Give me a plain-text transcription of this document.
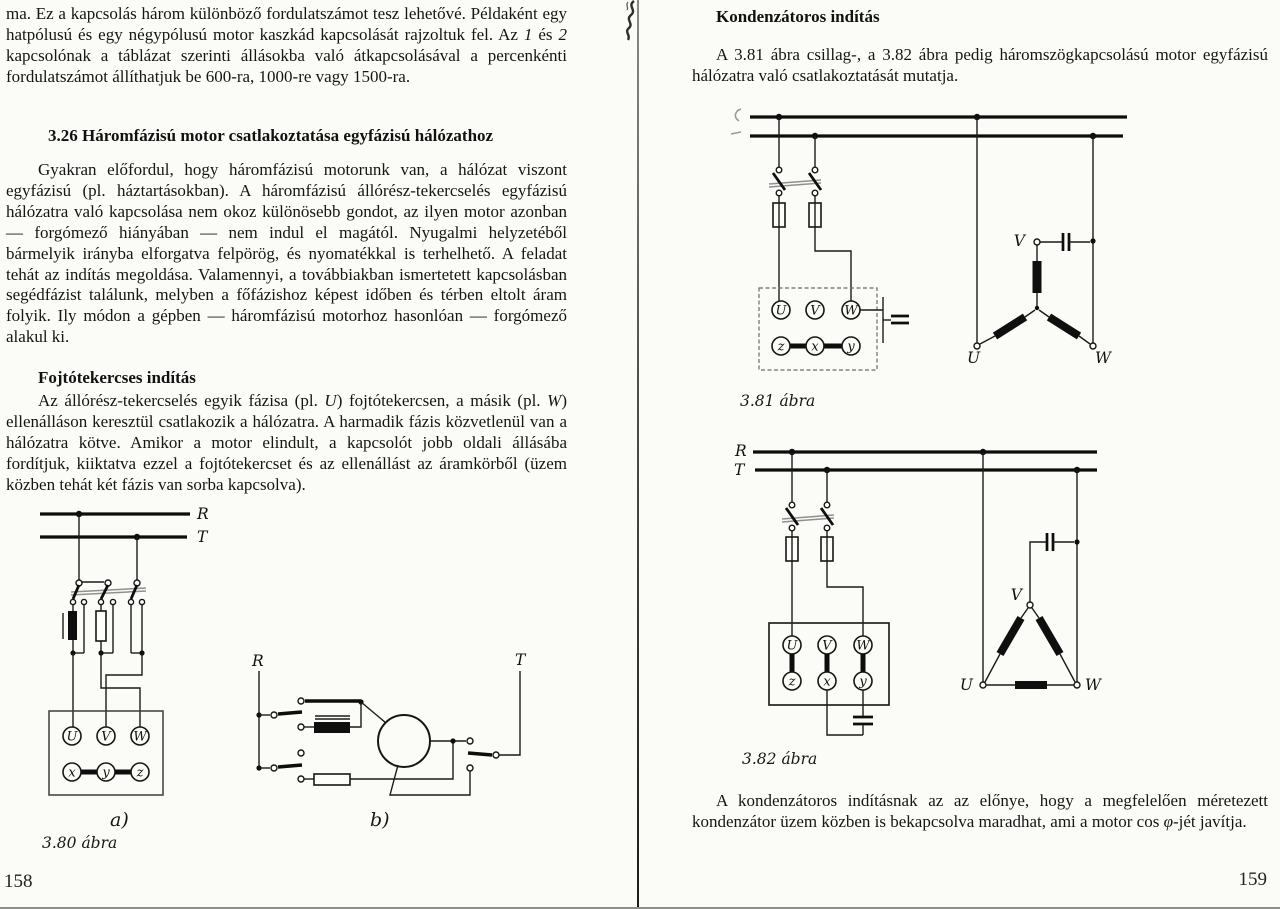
ma. Ez a kapcsolás három különböző fordulatszámot tesz lehetővé. Példaként egy hatpólusú és egy négypólusú motor kaszkád kapcsolását rajzoltuk fel. Az 1 és 2 kapcsolónak a táblázat szerinti állásokba való átkapcsolásával a percenkénti fordulatszámot állíthatjuk be 600-ra, 1000-re vagy 1500-ra.

3.26 Háromfázisú motor csatlakoztatása egyfázisú hálózathoz

Gyakran előfordul, hogy háromfázisú motorunk van, a hálózat viszont egyfázisú (pl. háztartásokban). A háromfázisú állórész-tekercselés egyfázisú hálózatra való kapcsolása nem okoz különösebb gondot, az ilyen motor azonban — forgómező hiányában — nem indul el magától. Nyugalmi helyzetéből bármelyik irányba elforgatva felpörög, és nyomatékkal is terhelhető. A feladat tehát az indítás megoldása. Valamennyi, a továbbiakban ismertetett kapcsolásban segédfázist találunk, melyben a főfázishoz képest időben és térben eltolt áram folyik. Ily módon a gépben — háromfázisú motorhoz hasonlóan — forgómező alakul ki.

Fojtótekercses indítás

Az állórész-tekercselés egyik fázisa (pl. U) fojtótekercsen, a másik (pl. W) ellenálláson keresztül csatlakozik a hálózatra. A harmadik fázis közvetlenül van a hálózatra kötve. Amikor a motor elindult, a kapcsolót jobb oldali állásába fordítjuk, kiiktatva ezzel a fojtótekercset és az ellenállást az áramkörből (üzem közben tehát két fázis van sorba kapcsolva).

R
T
U V W
x y z
a)
R	T
b)
3.80 ábra
158
Kondenzátoros indítás

A 3.81 ábra csillag-, a 3.82 ábra pedig háromszögkapcsolású motor egyfázisú hálózatra való csatlakoztatását mutatja.

U V W
z x y
V
U	W
3.81 ábra
R
T
U V W
z x y
V
U	W
3.82 ábra

A kondenzátoros indításnak az az előnye, hogy a megfelelően méretezett kondenzátor üzem közben is bekapcsolva maradhat, ami a motor cos φ-jét javítja.

159
